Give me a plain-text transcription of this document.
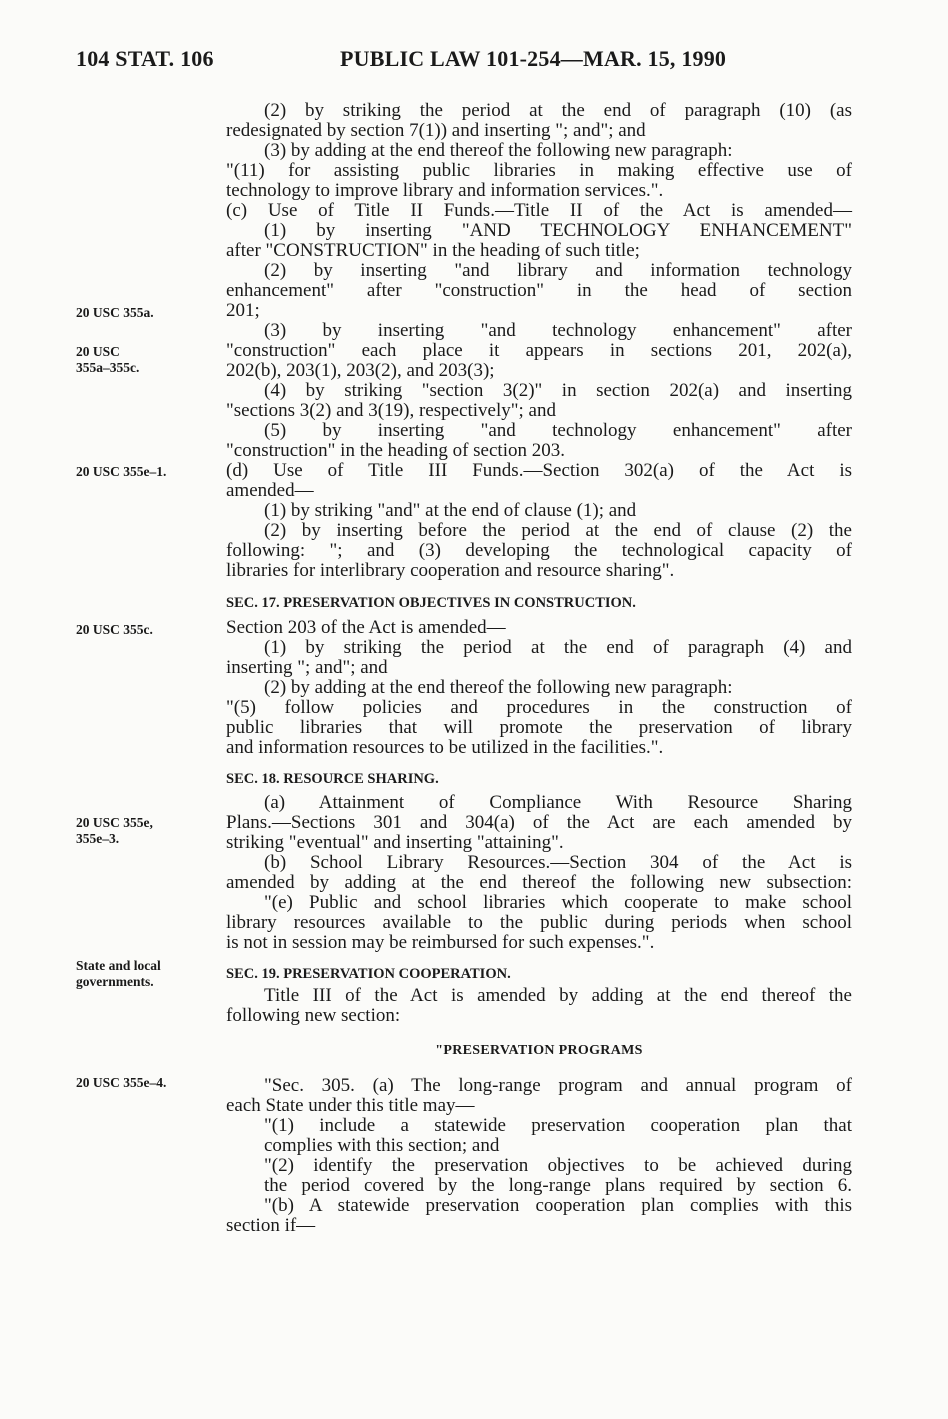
104 STAT. 106	PUBLIC LAW 101-254—MAR. 15, 1990
20 USC 355a.
20 USC
355a–355c.
20 USC 355e–1.
20 USC 355c.
20 USC 355e,
355e–3.
State and local
governments.
20 USC 355e–4.
(2) by striking the period at the end of paragraph (10) (as
redesignated by section 7(1)) and inserting "; and"; and
(3) by adding at the end thereof the following new paragraph:
"(11) for assisting public libraries in making effective use of
technology to improve library and information services.".
(c) Use of Title II Funds.—Title II of the Act is amended—
(1) by inserting "AND TECHNOLOGY ENHANCEMENT"
after "CONSTRUCTION" in the heading of such title;
(2) by inserting "and library and information technology
enhancement" after "construction" in the head of section
201;
(3) by inserting "and technology enhancement" after
"construction" each place it appears in sections 201, 202(a),
202(b), 203(1), 203(2), and 203(3);
(4) by striking "section 3(2)" in section 202(a) and inserting
"sections 3(2) and 3(19), respectively"; and
(5) by inserting "and technology enhancement" after
"construction" in the heading of section 203.
(d) Use of Title III Funds.—Section 302(a) of the Act is
amended—
(1) by striking "and" at the end of clause (1); and
(2) by inserting before the period at the end of clause (2) the
following: "; and (3) developing the technological capacity of
libraries for interlibrary cooperation and resource sharing".
SEC. 17. PRESERVATION OBJECTIVES IN CONSTRUCTION.
Section 203 of the Act is amended—
(1) by striking the period at the end of paragraph (4) and
inserting "; and"; and
(2) by adding at the end thereof the following new paragraph:
"(5) follow policies and procedures in the construction of
public libraries that will promote the preservation of library
and information resources to be utilized in the facilities.".
SEC. 18. RESOURCE SHARING.
(a) Attainment of Compliance With Resource Sharing
Plans.—Sections 301 and 304(a) of the Act are each amended by
striking "eventual" and inserting "attaining".
(b) School Library Resources.—Section 304 of the Act is
amended by adding at the end thereof the following new subsection:
"(e) Public and school libraries which cooperate to make school
library resources available to the public during periods when school
is not in session may be reimbursed for such expenses.".
SEC. 19. PRESERVATION COOPERATION.
Title III of the Act is amended by adding at the end thereof the
following new section:
"PRESERVATION PROGRAMS
"Sec. 305. (a) The long-range program and annual program of
each State under this title may—
"(1) include a statewide preservation cooperation plan that
complies with this section; and
"(2) identify the preservation objectives to be achieved during
the period covered by the long-range plans required by section 6.
"(b) A statewide preservation cooperation plan complies with this
section if—
